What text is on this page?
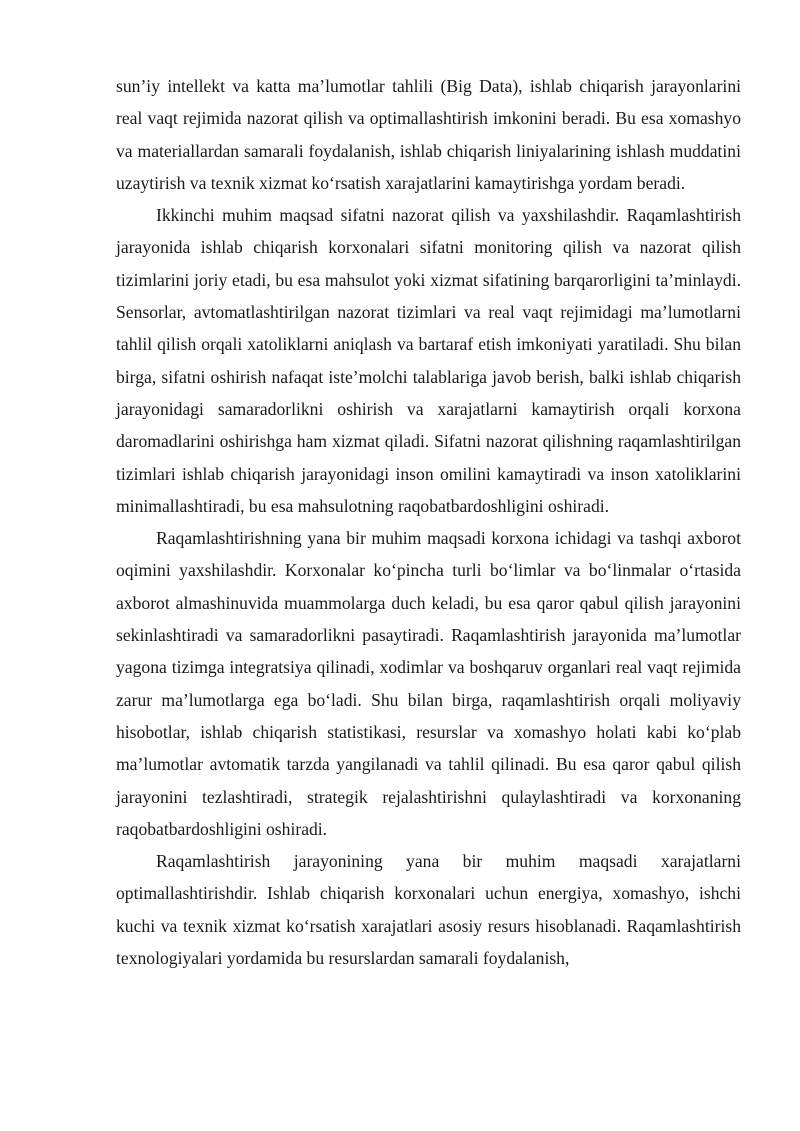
sun’iy intellekt va katta ma’lumotlar tahlili (Big Data), ishlab chiqarish jarayonlarini real vaqt rejimida nazorat qilish va optimallashtirish imkonini beradi. Bu esa xomashyo va materiallardan samarali foydalanish, ishlab chiqarish liniyalarining ishlash muddatini uzaytirish va texnik xizmat ko‘rsatish xarajatlarini kamaytirishga yordam beradi.

Ikkinchi muhim maqsad sifatni nazorat qilish va yaxshilashdir. Raqamlashtirish jarayonida ishlab chiqarish korxonalari sifatni monitoring qilish va nazorat qilish tizimlarini joriy etadi, bu esa mahsulot yoki xizmat sifatining barqarorligini ta’minlaydi. Sensorlar, avtomatlashtirilgan nazorat tizimlari va real vaqt rejimidagi ma’lumotlarni tahlil qilish orqali xatoliklarni aniqlash va bartaraf etish imkoniyati yaratiladi. Shu bilan birga, sifatni oshirish nafaqat iste’molchi talablariga javob berish, balki ishlab chiqarish jarayonidagi samaradorlikni oshirish va xarajatlarni kamaytirish orqali korxona daromadlarini oshirishga ham xizmat qiladi. Sifatni nazorat qilishning raqamlashtirilgan tizimlari ishlab chiqarish jarayonidagi inson omilini kamaytiradi va inson xatoliklarini minimallashtiradi, bu esa mahsulotning raqobatbardoshligini oshiradi.

Raqamlashtirishning yana bir muhim maqsadi korxona ichidagi va tashqi axborot oqimini yaxshilashdir. Korxonalar ko‘pincha turli bo‘limlar va bo‘linmalar o‘rtasida axborot almashinuvida muammolarga duch keladi, bu esa qaror qabul qilish jarayonini sekinlashtiradi va samaradorlikni pasaytiradi. Raqamlashtirish jarayonida ma’lumotlar yagona tizimga integratsiya qilinadi, xodimlar va boshqaruv organlari real vaqt rejimida zarur ma’lumotlarga ega bo‘ladi. Shu bilan birga, raqamlashtirish orqali moliyaviy hisobotlar, ishlab chiqarish statistikasi, resurslar va xomashyo holati kabi ko‘plab ma’lumotlar avtomatik tarzda yangilanadi va tahlil qilinadi. Bu esa qaror qabul qilish jarayonini tezlashtiradi, strategik rejalashtirishni qulaylashtiradi va korxonaning raqobatbardoshligini oshiradi.

Raqamlashtirish jarayonining yana bir muhim maqsadi xarajatlarni optimallashtirishdir. Ishlab chiqarish korxonalari uchun energiya, xomashyo, ishchi kuchi va texnik xizmat ko‘rsatish xarajatlari asosiy resurs hisoblanadi. Raqamlashtirish texnologiyalari yordamida bu resurslardan samarali foydalanish,
